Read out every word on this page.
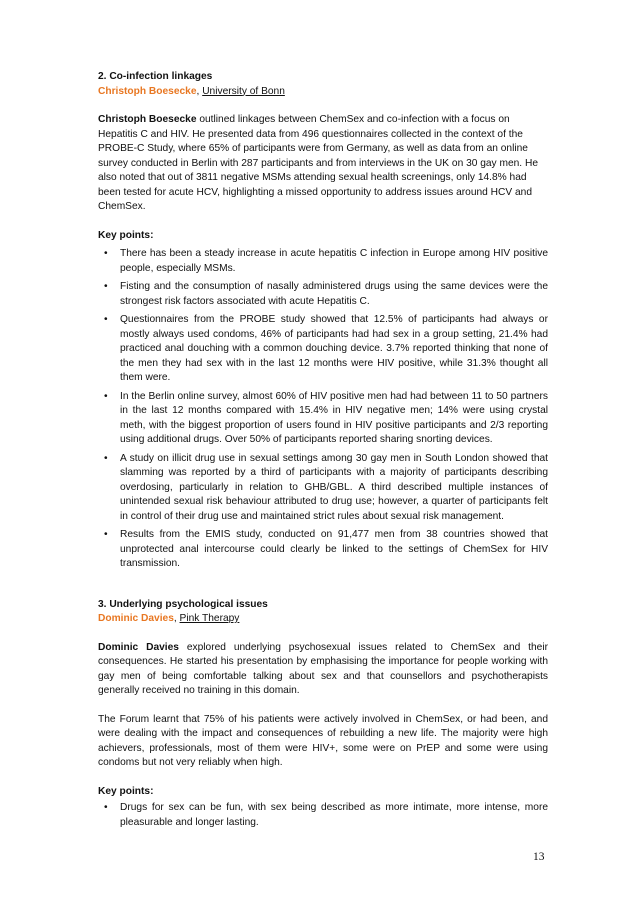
2. Co-infection linkages

Christoph Boesecke, University of Bonn

Christoph Boesecke outlined linkages between ChemSex and co-infection with a focus on Hepatitis C and HIV. He presented data from 496 questionnaires collected in the context of the PROBE-C Study, where 65% of participants were from Germany, as well as data from an online survey conducted in Berlin with 287 participants and from interviews in the UK on 30 gay men. He also noted that out of 3811 negative MSMs attending sexual health screenings, only 14.8% had been tested for acute HCV, highlighting a missed opportunity to address issues around HCV and ChemSex.

Key points:

• There has been a steady increase in acute hepatitis C infection in Europe among HIV positive people, especially MSMs.
• Fisting and the consumption of nasally administered drugs using the same devices were the strongest risk factors associated with acute Hepatitis C.
• Questionnaires from the PROBE study showed that 12.5% of participants had always or mostly always used condoms, 46% of participants had had sex in a group setting, 21.4% had practiced anal douching with a common douching device. 3.7% reported thinking that none of the men they had sex with in the last 12 months were HIV positive, while 31.3% thought all them were.
• In the Berlin online survey, almost 60% of HIV positive men had had between 11 to 50 partners in the last 12 months compared with 15.4% in HIV negative men; 14% were using crystal meth, with the biggest proportion of users found in HIV positive participants and 2/3 reporting using additional drugs. Over 50% of participants reported sharing snorting devices.
• A study on illicit drug use in sexual settings among 30 gay men in South London showed that slamming was reported by a third of participants with a majority of participants describing overdosing, particularly in relation to GHB/GBL. A third described multiple instances of unintended sexual risk behaviour attributed to drug use; however, a quarter of participants felt in control of their drug use and maintained strict rules about sexual risk management.
• Results from the EMIS study, conducted on 91,477 men from 38 countries showed that unprotected anal intercourse could clearly be linked to the settings of ChemSex for HIV transmission.

3. Underlying psychological issues

Dominic Davies, Pink Therapy

Dominic Davies explored underlying psychosexual issues related to ChemSex and their consequences. He started his presentation by emphasising the importance for people working with gay men of being comfortable talking about sex and that counsellors and psychotherapists generally received no training in this domain.

The Forum learnt that 75% of his patients were actively involved in ChemSex, or had been, and were dealing with the impact and consequences of rebuilding a new life. The majority were high achievers, professionals, most of them were HIV+, some were on PrEP and some were using condoms but not very reliably when high.

Key points:

• Drugs for sex can be fun, with sex being described as more intimate, more intense, more pleasurable and longer lasting.
13
